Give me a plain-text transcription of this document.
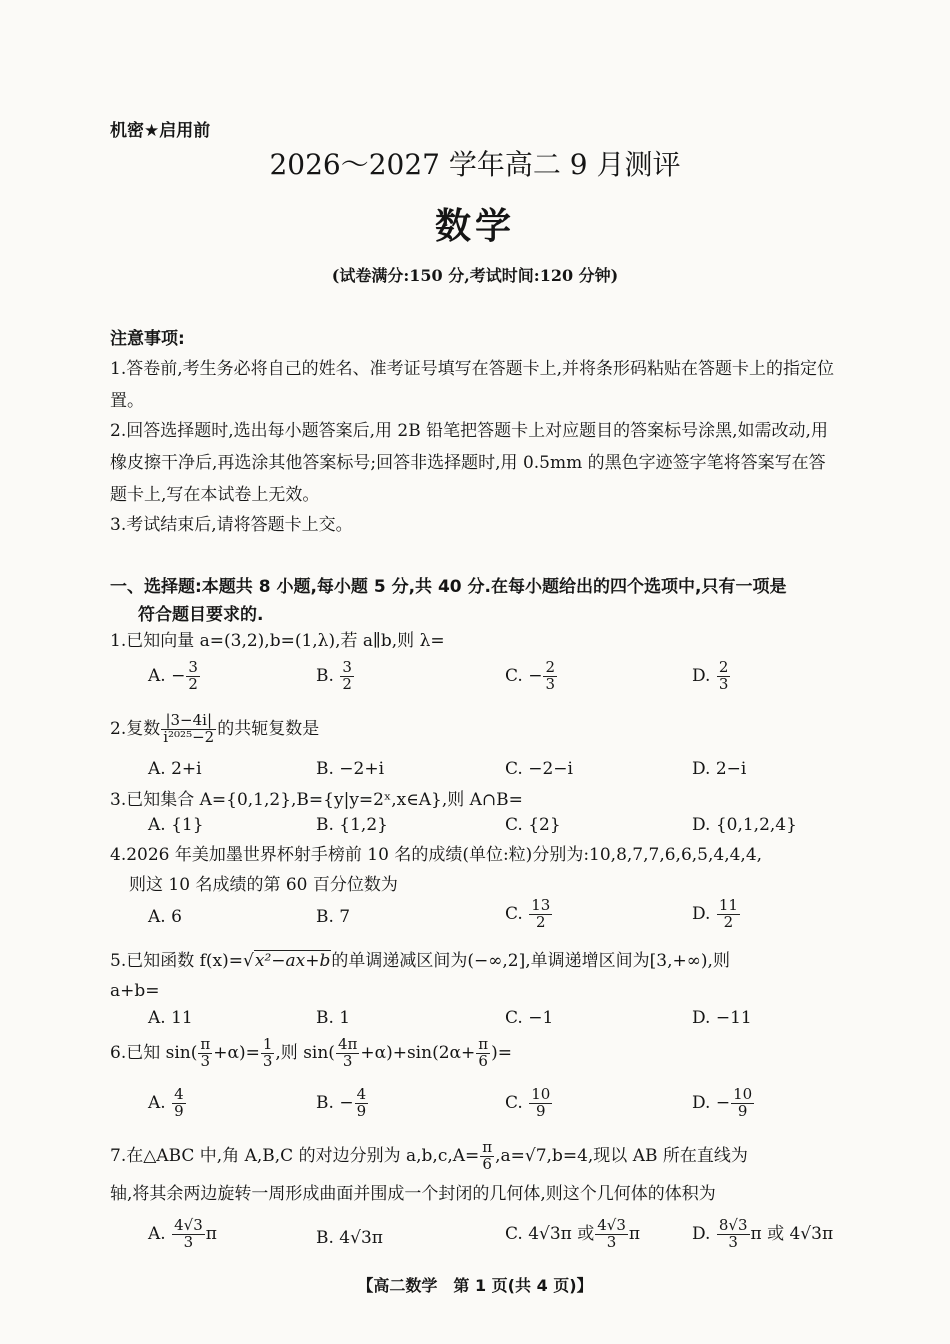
机密★启用前
2026～2027 学年高二 9 月测评
数学
(试卷满分:150 分,考试时间:120 分钟)
注意事项:
1.答卷前,考生务必将自己的姓名、准考证号填写在答题卡上,并将条形码粘贴在答题卡上的指定位置。
2.回答选择题时,选出每小题答案后,用 2B 铅笔把答题卡上对应题目的答案标号涂黑,如需改动,用橡皮擦干净后,再选涂其他答案标号;回答非选择题时,用 0.5mm 的黑色字迹签字笔将答案写在答题卡上,写在本试卷上无效。
3.考试结束后,请将答题卡上交。
一、选择题:本题共 8 小题,每小题 5 分,共 40 分.在每小题给出的四个选项中,只有一项是
符合题目要求的.
1.已知向量 a=(3,2),b=(1,λ),若 a∥b,则 λ=
A. − $\frac{3}{2}$	B. $\frac{3}{2}$	C. − $\frac{2}{3}$	D. $\frac{2}{3}$
2.复数 $\frac{|3-4i|}{\text{i²⁰²⁵−2}}$ 的共轭复数是
A. 2+i	B. −2+i	C. −2−i	D. 2−i
3.已知集合 A={0,1,2},B={y|y=2ˣ,x∈A},则 A∩B=
A. {1}	B. {1,2}	C. {2}	D. {0,1,2,4}
4.2026 年美加墨世界杯射手榜前 10 名的成绩(单位:粒)分别为:10,8,7,7,6,6,5,4,4,4,
则这 10 名成绩的第 60 百分位数为
A. 6	B. 7	C. $\frac{13}{2}$	D. $\frac{11}{2}$
5.已知函数 f(x)=√x²−ax+b的单调递减区间为(−∞,2],单调递增区间为[3,+∞),则
a+b=
A. 11	B. 1	C. −1	D. −11
6.已知 $\sin( \frac{\pi}{3} +\alpha)= \frac{1}{3}$ ,则 $\sin( \frac{4\pi}{3} +\alpha)+\sin(2\alpha+ \frac{\pi}{6}$ )=
A. $\frac{4}{9}$	B. − $\frac{4}{9}$	C. $\frac{10}{9}$	D. − $\frac{10}{9}$
7.在△ABC 中,角 A,B,C 的对边分别为 $a,b,c,A= \frac{\pi}{6} ,a=√7,b=4$,现以 AB 所在直线为
轴,将其余两边旋转一周形成曲面并围成一个封闭的几何体,则这个几何体的体积为
A. $\frac{4√3}{3}$ π	B. 4√3π	C. 4√3π 或 $\frac{4√3}{3}$ π	D. $\frac{8√3}{3}$ π 或 4√3π
【高二数学　第 1 页(共 4 页)】
